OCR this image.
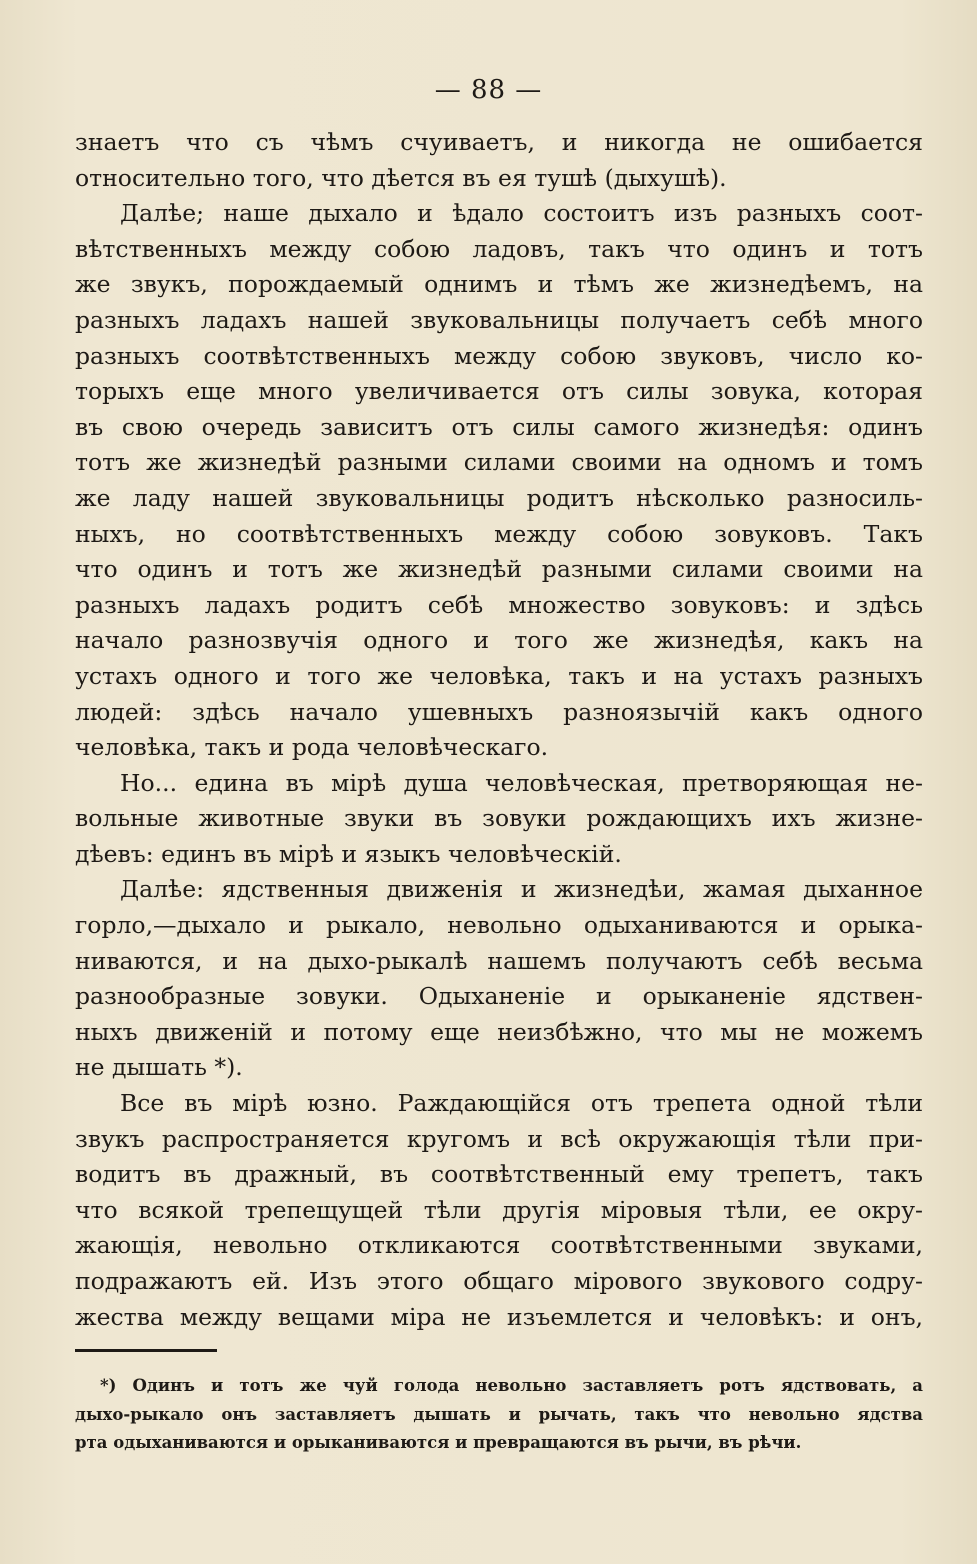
— 88 —
знаетъ что съ чѣмъ счуиваетъ, и никогда не ошибается
относительно того, что дѣется въ ея тушѣ (дыхушѣ).
Далѣе; наше дыхало и ѣдало состоитъ изъ разныхъ соот-
вѣтственныхъ между собою ладовъ, такъ что одинъ и тотъ
же звукъ, порождаемый однимъ и тѣмъ же жизнедѣемъ, на
разныхъ ладахъ нашей звуковальницы получаетъ себѣ много
разныхъ соотвѣтственныхъ между собою звуковъ, число ко-
торыхъ еще много увеличивается отъ силы зовука, которая
въ свою очередь зависитъ отъ силы самого жизнедѣя: одинъ
тотъ же жизнедѣй разными силами своими на одномъ и томъ
же ладу нашей звуковальницы родитъ нѣсколько разносиль-
ныхъ, но соотвѣтственныхъ между собою зовуковъ. Такъ
что одинъ и тотъ же жизнедѣй разными силами своими на
разныхъ ладахъ родитъ себѣ множество зовуковъ: и здѣсь
начало разнозвучія одного и того же жизнедѣя, какъ на
устахъ одного и того же человѣка, такъ и на устахъ разныхъ
людей: здѣсь начало ушевныхъ разноязычій какъ одного
человѣка, такъ и рода человѣческаго.
Но... едина въ мірѣ душа человѣческая, претворяющая не-
вольные животные звуки въ зовуки рождающихъ ихъ жизне-
дѣевъ: единъ въ мірѣ и языкъ человѣческій.
Далѣе: ядственныя движенія и жизнедѣи, жамая дыханное
горло,—дыхало и рыкало, невольно одыханиваются и орыка-
ниваются, и на дыхо-рыкалѣ нашемъ получаютъ себѣ весьма
разнообразные зовуки. Одыханеніе и орыканеніе ядствен-
ныхъ движеній и потому еще неизбѣжно, что мы не можемъ
не дышать *).
Все въ мірѣ юзно. Раждающійся отъ трепета одной тѣли
звукъ распространяется кругомъ и всѣ окружающія тѣли при-
водитъ въ дражный, въ соотвѣтственный ему трепетъ, такъ
что всякой трепещущей тѣли другія міровыя тѣли, ее окру-
жающія, невольно откликаются соотвѣтственными звуками,
подражаютъ ей. Изъ этого общаго мірового звукового содру-
жества между вещами міра не изъемлется и человѣкъ: и онъ,
*) Одинъ и тотъ же чуй голода невольно заставляетъ ротъ ядствовать, а
дыхо-рыкало онъ заставляетъ дышать и рычать, такъ что невольно ядства
рта одыханиваются и орыканиваются и превращаются въ рычи, въ рѣчи.
